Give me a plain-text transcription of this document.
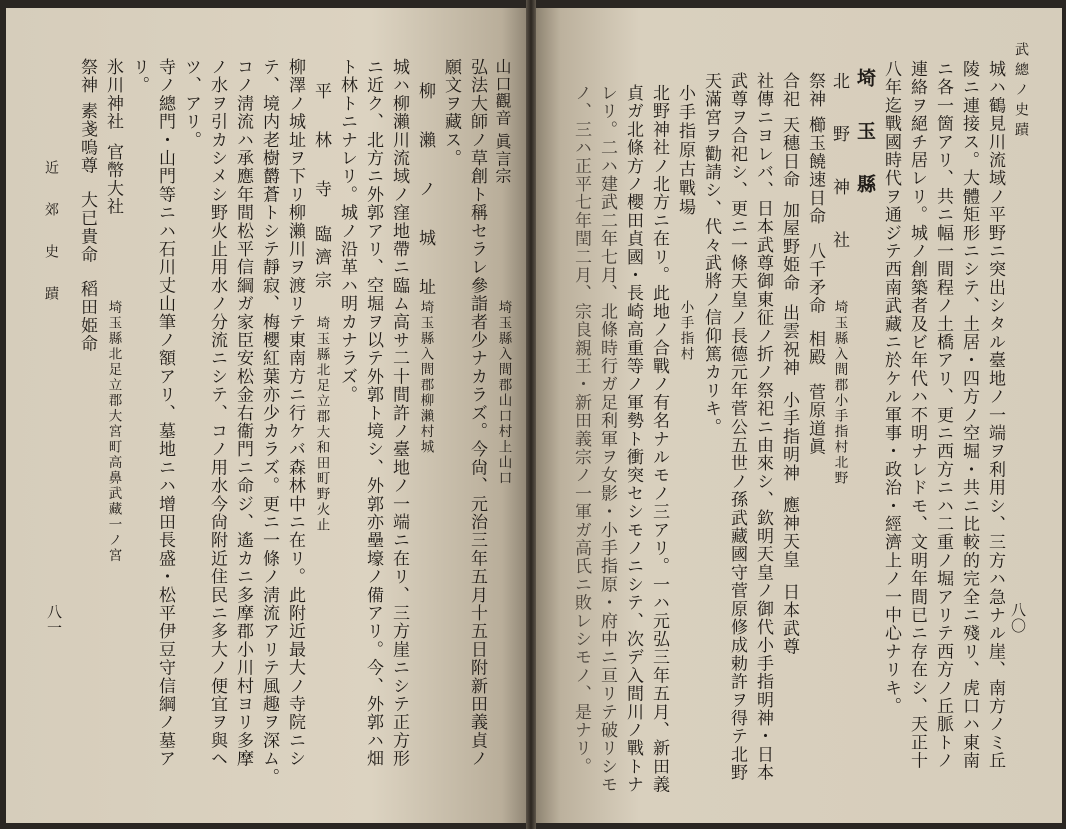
武總ノ史蹟
八〇
城ハ鶴見川流域ノ平野ニ突出シタル臺地ノ一端ヲ利用シ、三方ハ急ナル崖、南方ノミ丘
陵ニ連接ス。大體矩形ニシテ、土居・四方ノ空堀・共ニ比較的完全ニ殘リ、虎口ハ東南
ニ各一箇アリ、共ニ幅一間程ノ土橋アリ、更ニ西方ニハ二重ノ堀アリテ西方ノ丘脈トノ
連絡ヲ絕チ居レリ。城ノ創築者及ビ年代ハ不明ナレドモ、文明年間已ニ存在シ、天正十
八年迄戰國時代ヲ通ジテ西南武藏ニ於ケル軍事・政治・經濟上ノ一中心ナリキ。
埼 玉 縣
北 野 神 社
埼玉縣入間郡小手指村北野
祭神櫛玉饒速日命八千矛命相殿菅原道眞
合祀天穗日命加屋野姫命出雲祝神小手指明神應神天皇日本武尊
社傳ニヨレバ、日本武尊御東征ノ折ノ祭祀ニ由來シ、欽明天皇ノ御代小手指明神・日本
武尊ヲ合祀シ、更ニ一條天皇ノ長德元年菅公五世ノ孫武藏國守菅原修成勅許ヲ得テ北野
天滿宮ヲ勸請シ、代々武將ノ信仰篤カリキ。
小手指原古戰場
小手指村
北野神社ノ北方ニ在リ。此地ノ合戰ノ有名ナルモノ三アリ。一ハ元弘三年五月、新田義
貞ガ北條方ノ櫻田貞國・長崎高重等ノ軍勢ト衝突セシモノニシテ、次デ入間川ノ戰トナ
レリ。二ハ建武二年七月、北條時行ガ足利軍ヲ女影・小手指原・府中ニ亘リテ破リシモ
ノ、三ハ正平七年閏二月、宗良親王・新田義宗ノ一軍ガ高氏ニ敗レシモノ、是ナリ。
山口觀音眞言宗
埼玉縣入間郡山口村上山口
弘法大師ノ草創ト稱セラレ參詣者少ナカラズ。今尙、元治三年五月十五日附新田義貞ノ
願文ヲ藏ス。
柳 瀨 ノ 城 址
埼玉縣入間郡柳瀨村城
城ハ柳瀨川流域ノ窪地帶ニ臨ム高サ二十間許ノ臺地ノ一端ニ在リ、三方崖ニシテ正方形
ニ近ク、北方ニ外郭アリ、空堀ヲ以テ外郭ト境シ、外郭亦壘壕ノ備アリ。今、外郭ハ畑
ト林トニナレリ。城ノ沿革ハ明カナラズ。
平 林 寺臨濟宗
埼玉縣北足立郡大和田町野火止
柳澤ノ城址ヲ下リ柳瀨川ヲ渡リテ東南方ニ行ケバ森林中ニ在リ。此附近最大ノ寺院ニシ
テ、境内老樹欝蒼トシテ靜寂、梅櫻紅葉亦少カラズ。更ニ一條ノ淸流アリテ風趣ヲ深ム。
コノ淸流ハ承應年間松平信綱ガ家臣安松金右衞門ニ命ジ、遙カニ多摩郡小川村ヨリ多摩
ノ水ヲ引カシメシ野火止用水ノ分流ニシテ、コノ用水今尙附近住民ニ多大ノ便宜ヲ與ヘ
ツ、アリ。
寺ノ總門・山門等ニハ石川丈山筆ノ額アリ、墓地ニハ增田長盛・松平伊豆守信綱ノ墓ア
リ。
氷川神社官幣大社
埼玉縣北足立郡大宮町高鼻武藏一ノ宮
祭神素戔嗚尊大已貴命稻田姫命
近 郊 史 蹟
八一
